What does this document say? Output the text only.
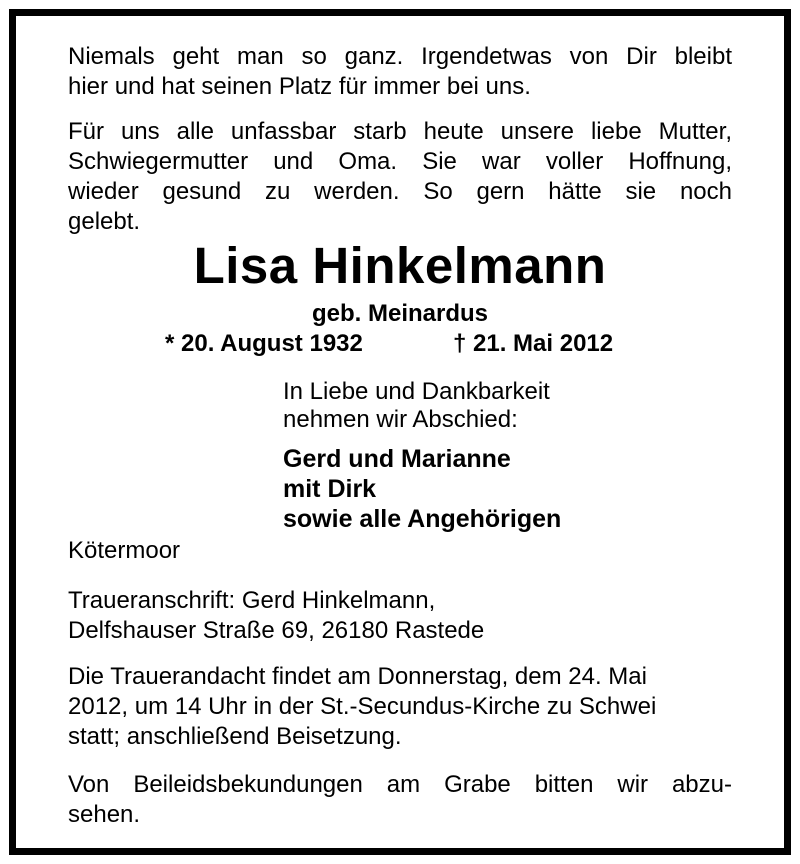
Niemals geht man so ganz. Irgendetwas von Dir bleibt
hier und hat seinen Platz für immer bei uns.
Für uns alle unfassbar starb heute unsere liebe Mutter,
Schwiegermutter und Oma. Sie war voller Hoffnung,
wieder gesund zu werden. So gern hätte sie noch
gelebt.
Lisa Hinkelmann
geb. Meinardus
* 20. August 1932	† 21. Mai 2012
In Liebe und Dankbarkeit
nehmen wir Abschied:
Gerd und Marianne
mit Dirk
sowie alle Angehörigen
Kötermoor
Traueranschrift: Gerd Hinkelmann,
Delfshauser Straße 69, 26180 Rastede
Die Trauerandacht findet am Donnerstag, dem 24. Mai
2012, um 14 Uhr in der St.-Secundus-Kirche zu Schwei
statt; anschließend Beisetzung.
Von Beileidsbekundungen am Grabe bitten wir abzu-
sehen.
